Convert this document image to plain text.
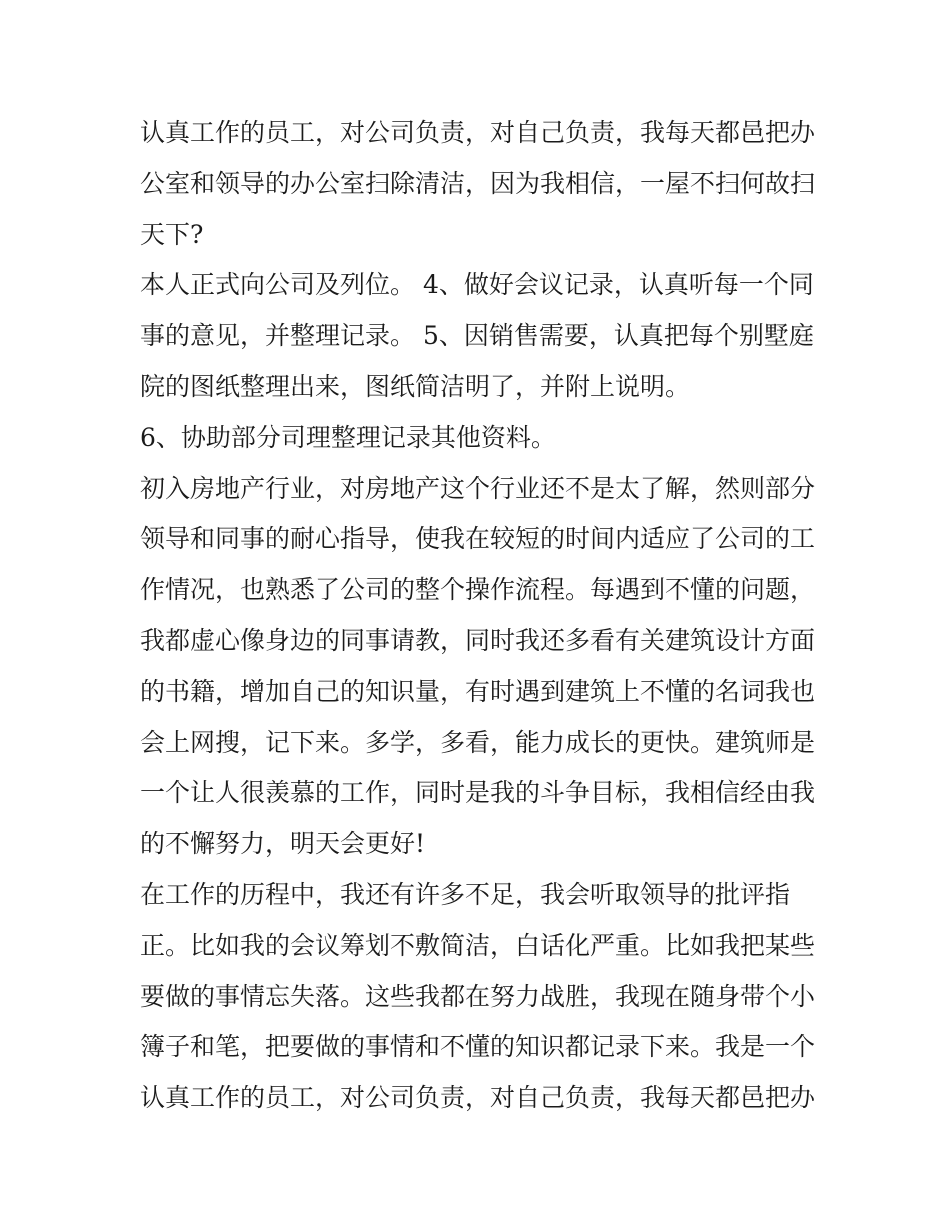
认真工作的员工，对公司负责，对自己负责，我每天都邑把办
公室和领导的办公室扫除清洁，因为我相信，一屋不扫何故扫
天下?
本人正式向公司及列位。 4、做好会议记录，认真听每一个同
事的意见，并整理记录。 5、因销售需要，认真把每个别墅庭
院的图纸整理出来，图纸简洁明了，并附上说明。
6、协助部分司理整理记录其他资料。
初入房地产行业，对房地产这个行业还不是太了解，然则部分
领导和同事的耐心指导，使我在较短的时间内适应了公司的工
作情况，也熟悉了公司的整个操作流程。每遇到不懂的问题，
我都虚心像身边的同事请教，同时我还多看有关建筑设计方面
的书籍，增加自己的知识量，有时遇到建筑上不懂的名词我也
会上网搜，记下来。多学，多看，能力成长的更快。建筑师是
一个让人很羡慕的工作，同时是我的斗争目标，我相信经由我
的不懈努力，明天会更好!
在工作的历程中，我还有许多不足，我会听取领导的批评指
正。比如我的会议筹划不敷简洁，白话化严重。比如我把某些
要做的事情忘失落。这些我都在努力战胜，我现在随身带个小
簿子和笔，把要做的事情和不懂的知识都记录下来。我是一个
认真工作的员工，对公司负责，对自己负责，我每天都邑把办
